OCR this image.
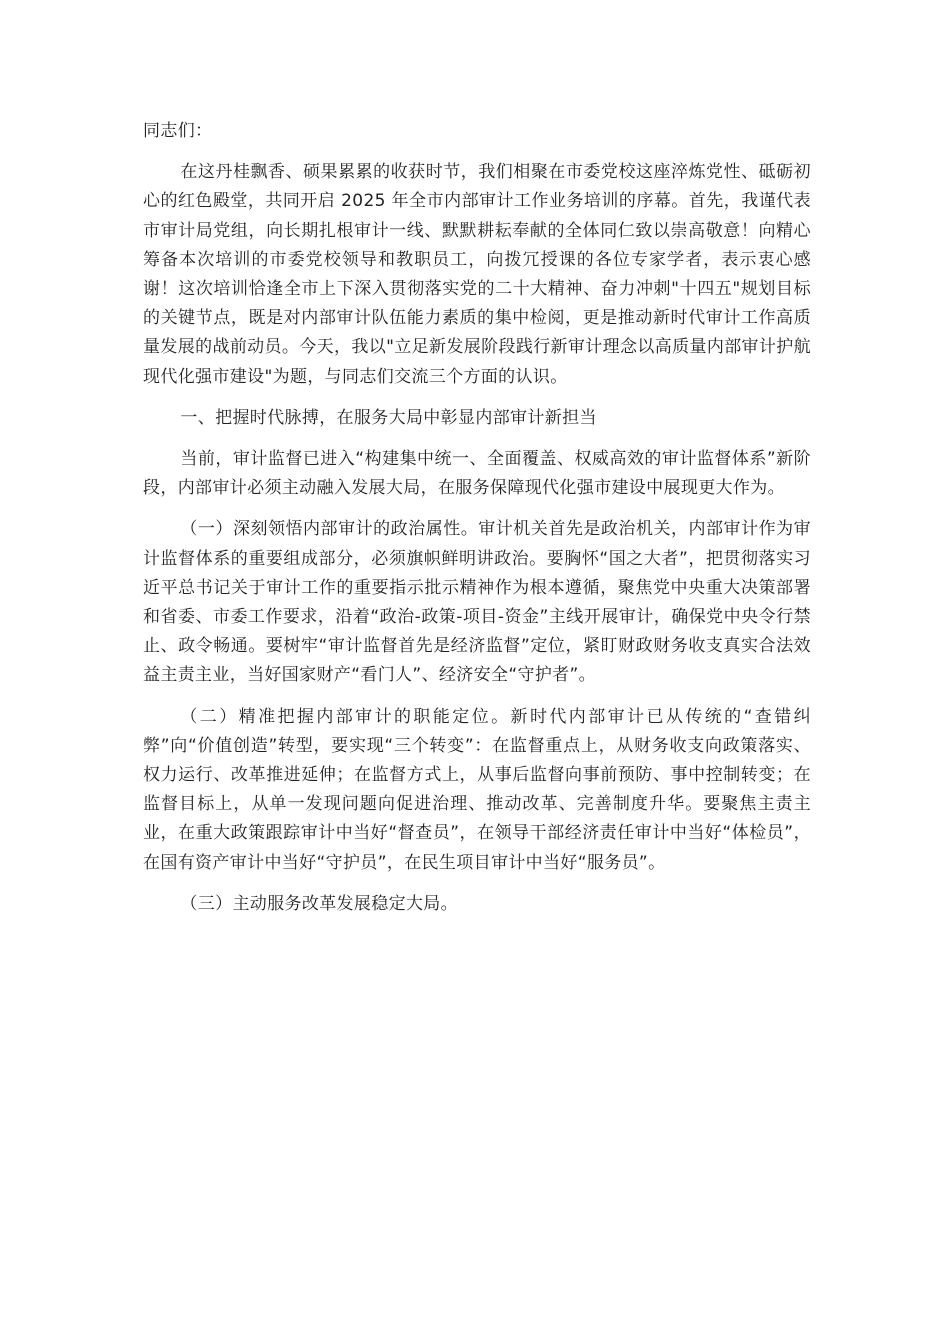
同志们：

在这丹桂飘香、硕果累累的收获时节，我们相聚在市委党校这座淬炼党性、砥砺初心的红色殿堂，共同开启 2025 年全市内部审计工作业务培训的序幕。首先，我谨代表市审计局党组，向长期扎根审计一线、默默耕耘奉献的全体同仁致以崇高敬意！向精心筹备本次培训的市委党校领导和教职员工，向拨冗授课的各位专家学者，表示衷心感谢！这次培训恰逢全市上下深入贯彻落实党的二十大精神、奋力冲刺"十四五"规划目标的关键节点，既是对内部审计队伍能力素质的集中检阅，更是推动新时代审计工作高质量发展的战前动员。今天，我以"立足新发展阶段践行新审计理念以高质量内部审计护航现代化强市建设"为题，与同志们交流三个方面的认识。

一、把握时代脉搏，在服务大局中彰显内部审计新担当

当前，审计监督已进入“构建集中统一、全面覆盖、权威高效的审计监督体系”新阶段，内部审计必须主动融入发展大局，在服务保障现代化强市建设中展现更大作为。

（一）深刻领悟内部审计的政治属性。审计机关首先是政治机关，内部审计作为审计监督体系的重要组成部分，必须旗帜鲜明讲政治。要胸怀“国之大者”，把贯彻落实习近平总书记关于审计工作的重要指示批示精神作为根本遵循，聚焦党中央重大决策部署和省委、市委工作要求，沿着“政治-政策-项目-资金”主线开展审计，确保党中央令行禁止、政令畅通。要树牢“审计监督首先是经济监督”定位，紧盯财政财务收支真实合法效益主责主业，当好国家财产“看门人”、经济安全“守护者”。

（二）精准把握内部审计的职能定位。新时代内部审计已从传统的“查错纠弊”向“价值创造”转型，要实现“三个转变”：在监督重点上，从财务收支向政策落实、权力运行、改革推进延伸；在监督方式上，从事后监督向事前预防、事中控制转变；在监督目标上，从单一发现问题向促进治理、推动改革、完善制度升华。要聚焦主责主业，在重大政策跟踪审计中当好“督查员”，在领导干部经济责任审计中当好“体检员”，在国有资产审计中当好“守护员”，在民生项目审计中当好“服务员”。

（三）主动服务改革发展稳定大局。
